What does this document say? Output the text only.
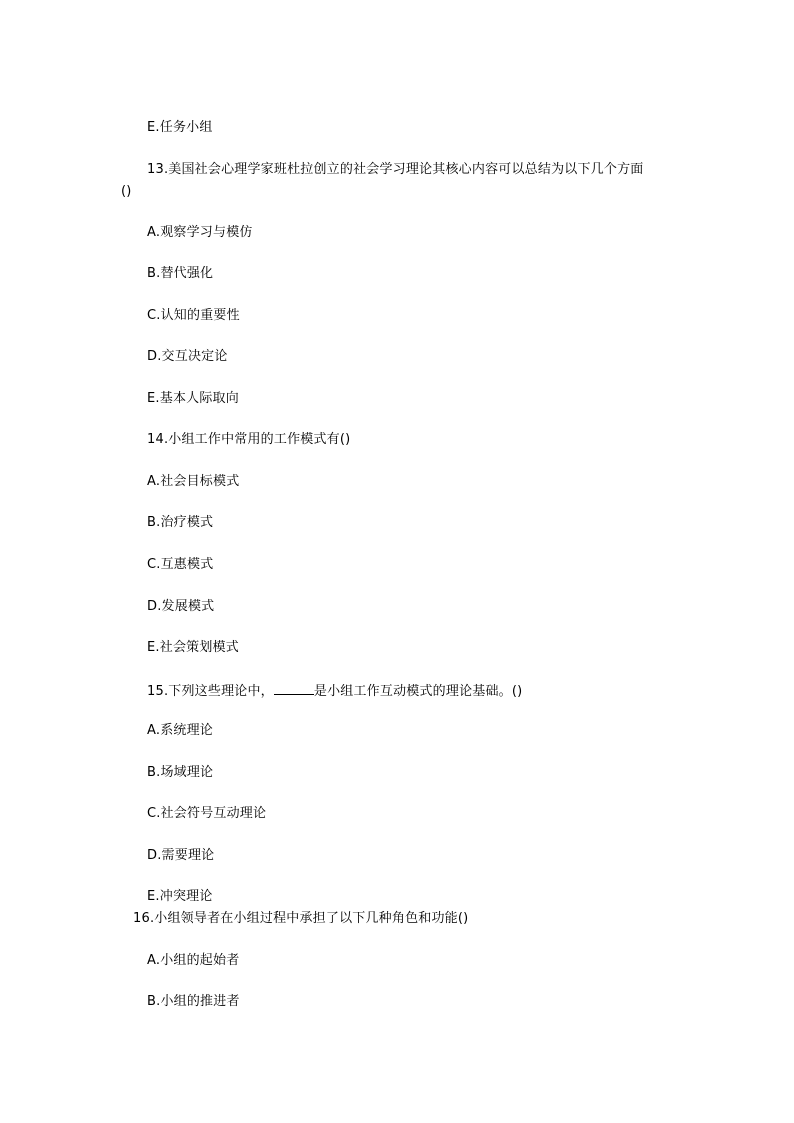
E.任务小组
13.美国社会心理学家班杜拉创立的社会学习理论其核心内容可以总结为以下几个方面
()
A.观察学习与模仿
B.替代强化
C.认知的重要性
D.交互决定论
E.基本人际取向
14.小组工作中常用的工作模式有()
A.社会目标模式
B.治疗模式
C.互惠模式
D.发展模式
E.社会策划模式
15.下列这些理论中，	是小组工作互动模式的理论基础。()
A.系统理论
B.场域理论
C.社会符号互动理论
D.需要理论
E.冲突理论
16.小组领导者在小组过程中承担了以下几种角色和功能()
A.小组的起始者
B.小组的推进者
